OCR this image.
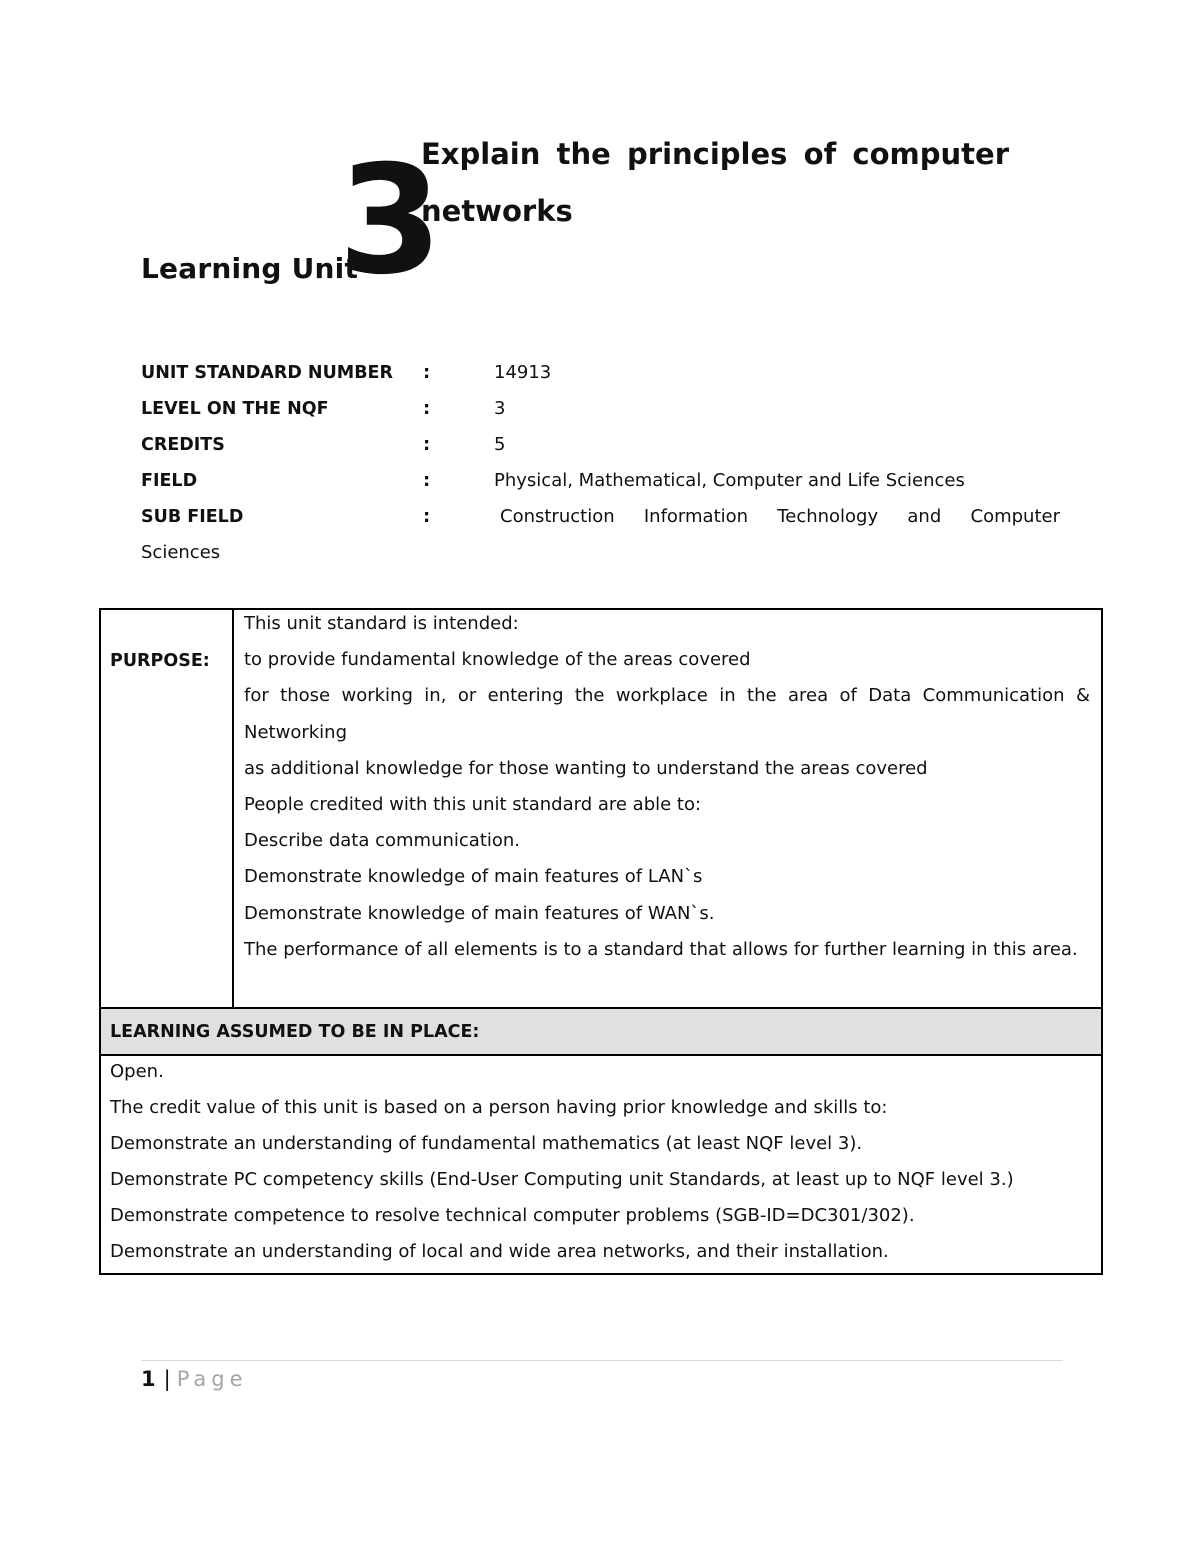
Learning Unit
3
Explain the principles of computer networks
UNIT STANDARD NUMBER :	14913
LEVEL ON THE NQF	:	3
CREDITS	:	5
FIELD	:	Physical, Mathematical, Computer and Life Sciences
SUB FIELD	:	Construction Information Technology and Computer
Sciences
PURPOSE:
This unit standard is intended:
to provide fundamental knowledge of the areas covered
for those working in, or entering the workplace in the area of Data Communication & Networking
as additional knowledge for those wanting to understand the areas covered
People credited with this unit standard are able to:
Describe data communication.
Demonstrate knowledge of main features of LAN`s
Demonstrate knowledge of main features of WAN`s.
The performance of all elements is to a standard that allows for further learning in this area.
LEARNING ASSUMED TO BE IN PLACE:
Open.
The credit value of this unit is based on a person having prior knowledge and skills to:
Demonstrate an understanding of fundamental mathematics (at least NQF level 3).
Demonstrate PC competency skills (End-User Computing unit Standards, at least up to NQF level 3.)
Demonstrate competence to resolve technical computer problems (SGB-ID=DC301/302).
Demonstrate an understanding of local and wide area networks, and their installation.
1 | Page
